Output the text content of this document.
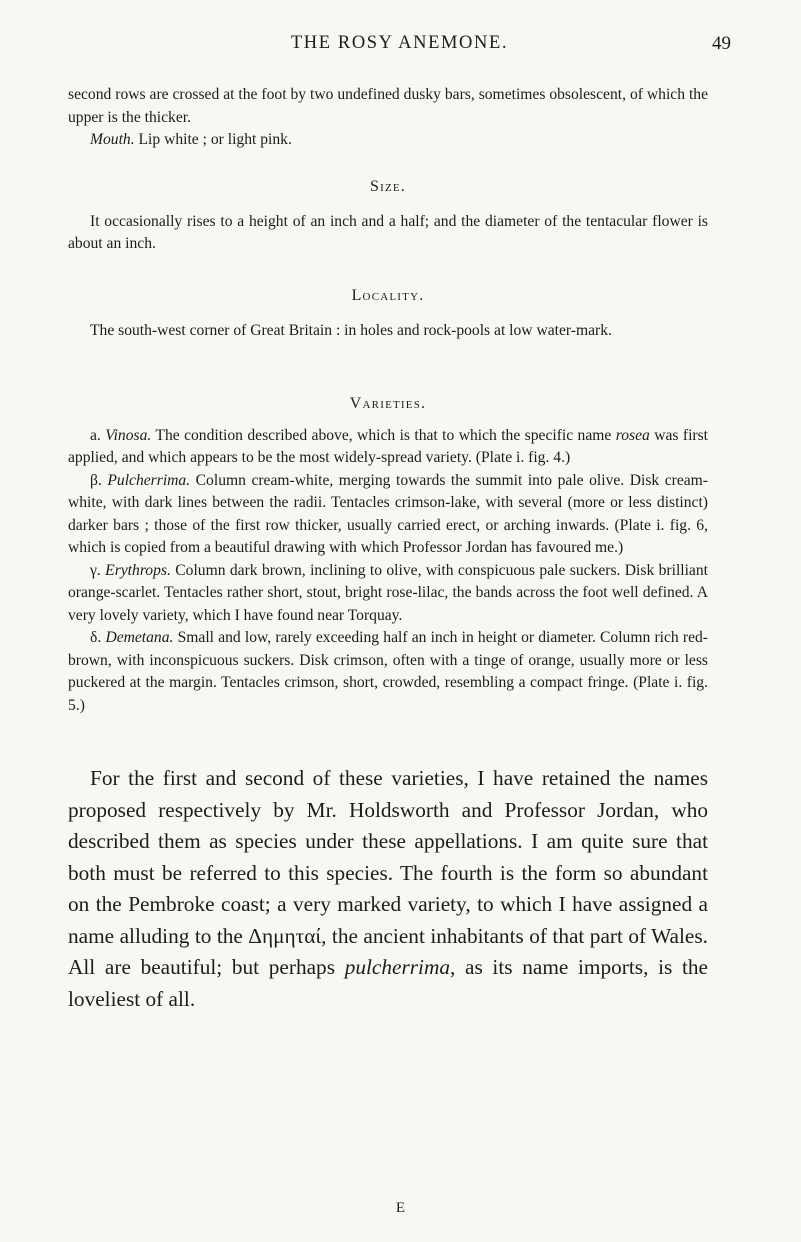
THE ROSY ANEMONE.	49

second rows are crossed at the foot by two undefined dusky bars, sometimes obsolescent, of which the upper is the thicker.

Mouth. Lip white ; or light pink.

Size.

It occasionally rises to a height of an inch and a half; and the diameter of the tentacular flower is about an inch.

Locality.

The south-west corner of Great Britain : in holes and rock-pools at low water-mark.

Varieties.

a. Vinosa. The condition described above, which is that to which the specific name rosea was first applied, and which appears to be the most widely-spread variety. (Plate i. fig. 4.)

β. Pulcherrima. Column cream-white, merging towards the summit into pale olive. Disk cream-white, with dark lines between the radii. Tentacles crimson-lake, with several (more or less distinct) darker bars ; those of the first row thicker, usually carried erect, or arching inwards. (Plate i. fig. 6, which is copied from a beautiful drawing with which Professor Jordan has favoured me.)

γ. Erythrops. Column dark brown, inclining to olive, with conspicuous pale suckers. Disk brilliant orange-scarlet. Tentacles rather short, stout, bright rose-lilac, the bands across the foot well defined. A very lovely variety, which I have found near Torquay.

δ. Demetana. Small and low, rarely exceeding half an inch in height or diameter. Column rich red-brown, with inconspicuous suckers. Disk crimson, often with a tinge of orange, usually more or less puckered at the margin. Tentacles crimson, short, crowded, resembling a compact fringe. (Plate i. fig. 5.)

For the first and second of these varieties, I have retained the names proposed respectively by Mr. Holdsworth and Professor Jordan, who described them as species under these appellations. I am quite sure that both must be referred to this species. The fourth is the form so abundant on the Pembroke coast; a very marked variety, to which I have assigned a name alluding to the Δημηταί, the ancient inhabitants of that part of Wales. All are beautiful; but perhaps pulcherrima, as its name imports, is the loveliest of all.

E
